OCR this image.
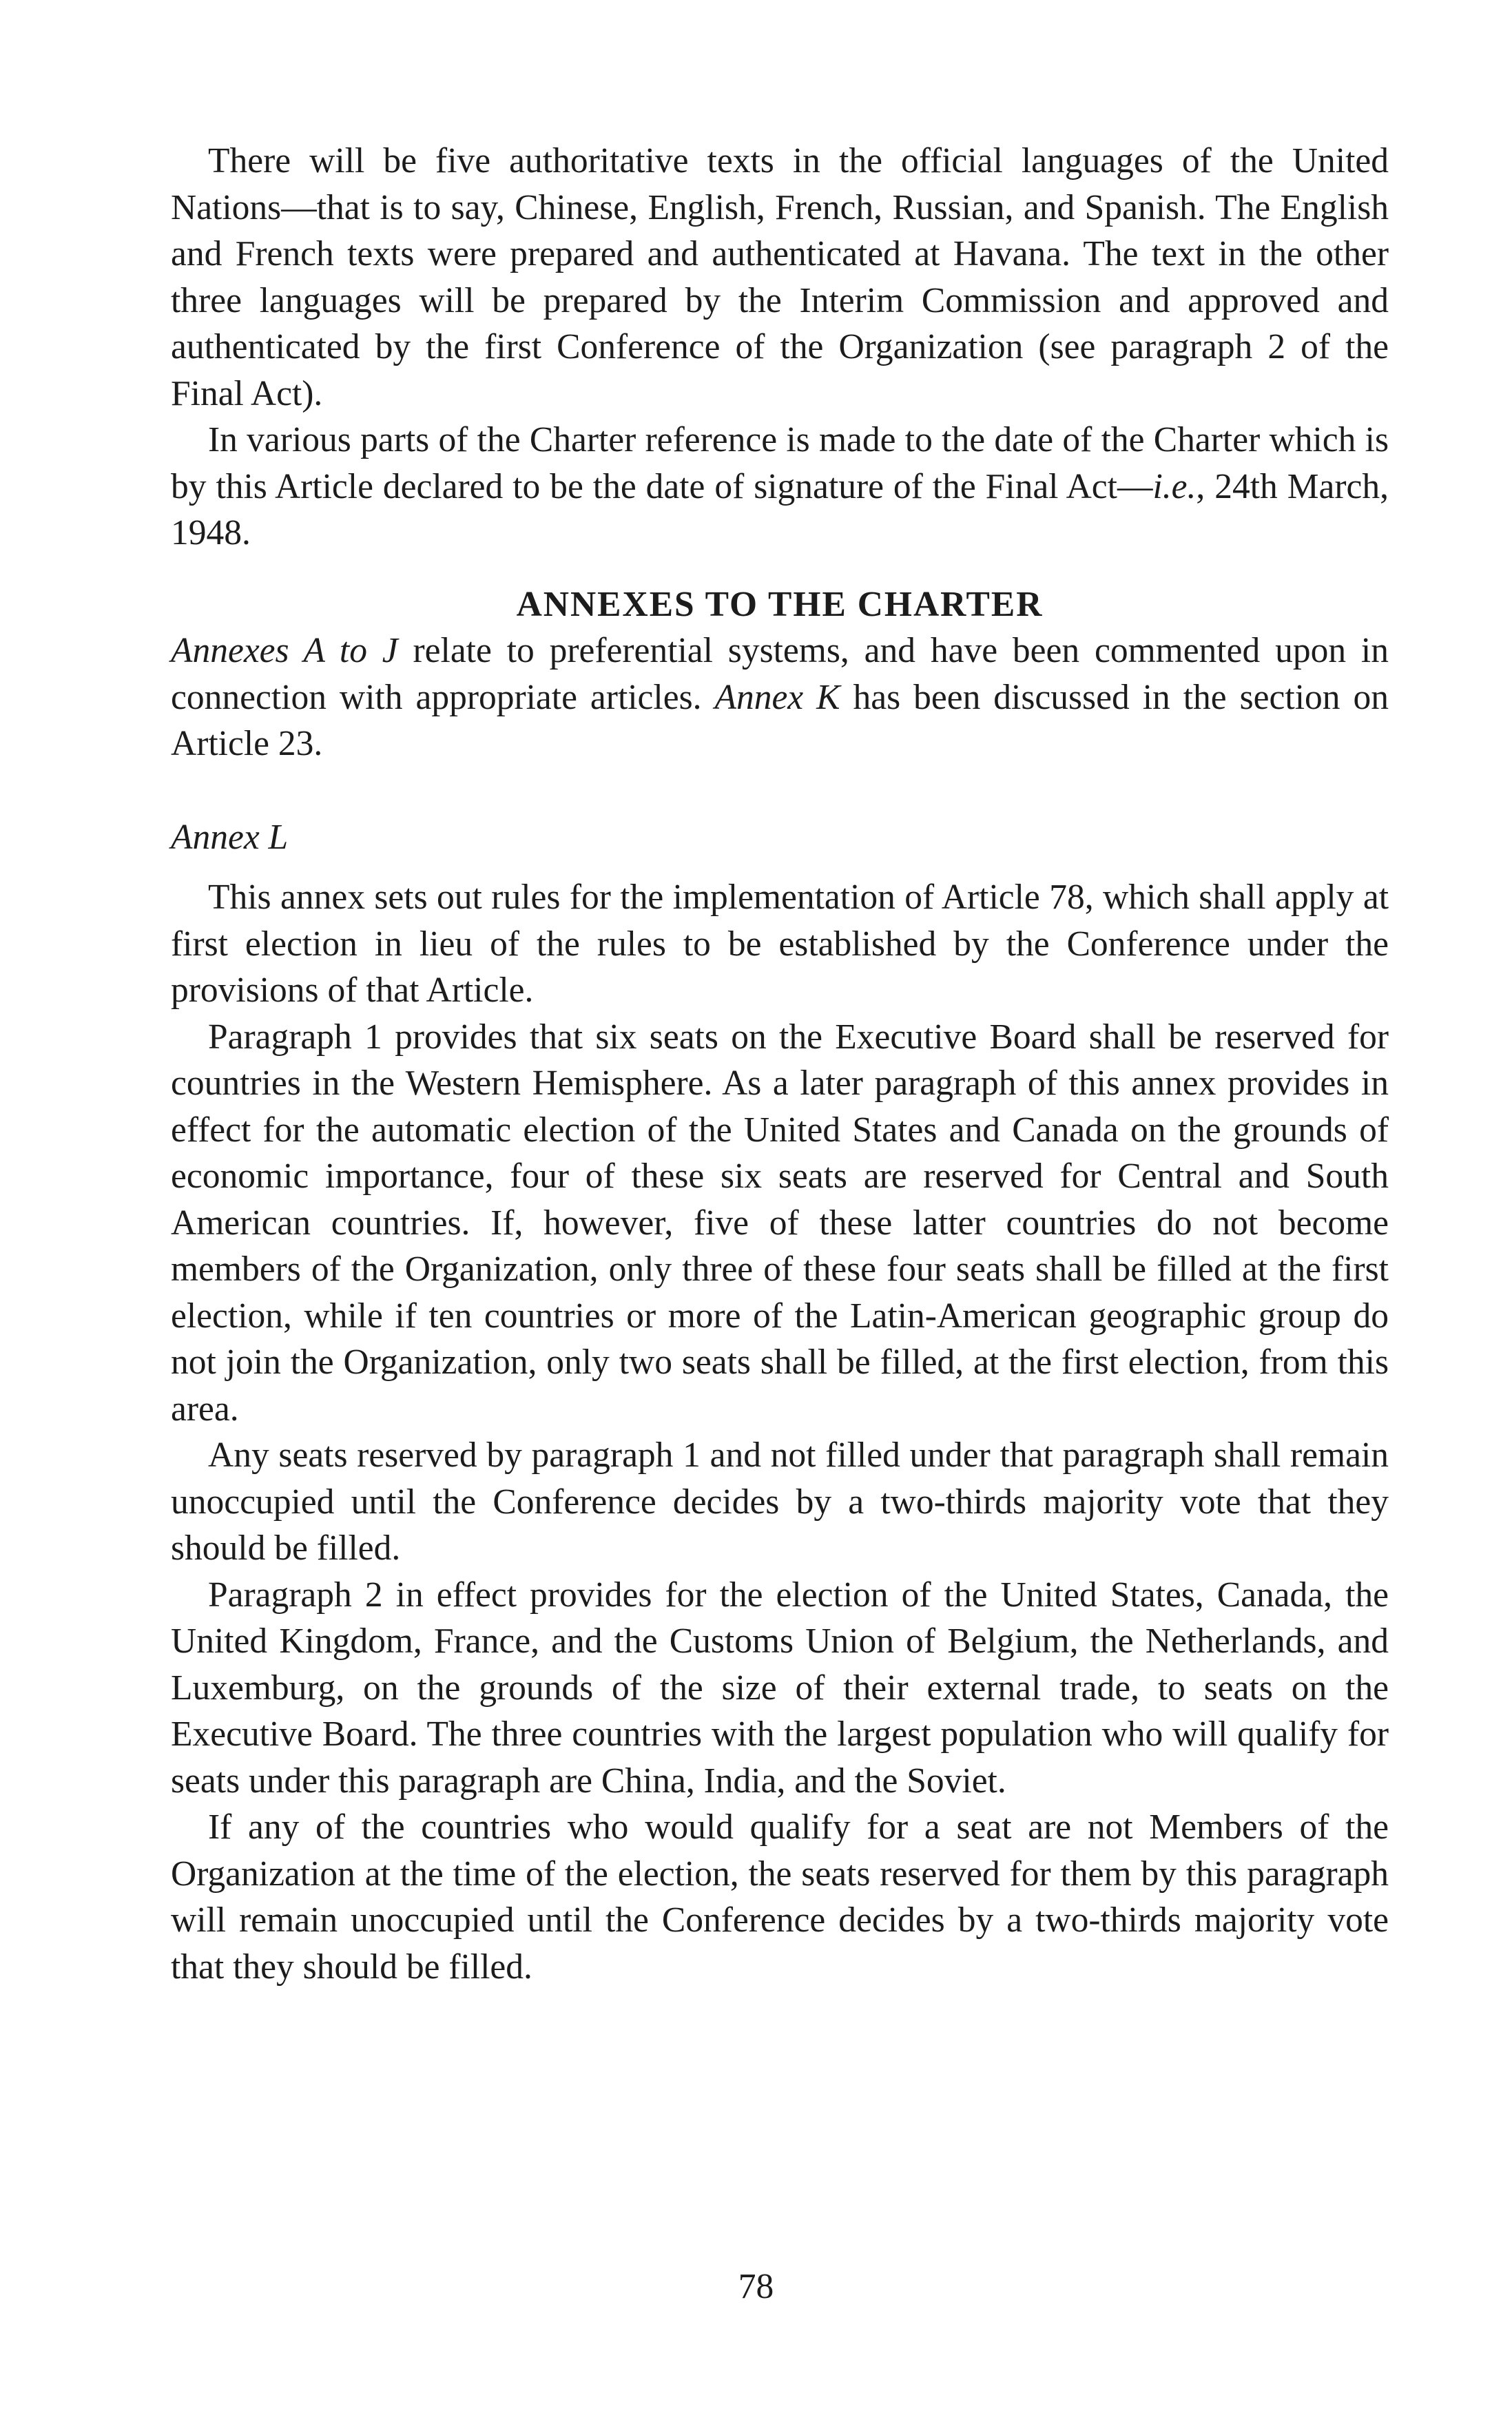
There will be five authoritative texts in the official languages of the United Nations—that is to say, Chinese, English, French, Russian, and Spanish. The English and French texts were prepared and authenticated at Havana. The text in the other three languages will be prepared by the Interim Commission and approved and authenticated by the first Conference of the Organization (see paragraph 2 of the Final Act).

In various parts of the Charter reference is made to the date of the Charter which is by this Article declared to be the date of signature of the Final Act—i.e., 24th March, 1948.

ANNEXES TO THE CHARTER

Annexes A to J relate to preferential systems, and have been commented upon in connection with appropriate articles. Annex K has been discussed in the section on Article 23.

Annex L

This annex sets out rules for the implementation of Article 78, which shall apply at first election in lieu of the rules to be established by the Conference under the provisions of that Article.

Paragraph 1 provides that six seats on the Executive Board shall be reserved for countries in the Western Hemisphere. As a later paragraph of this annex provides in effect for the automatic election of the United States and Canada on the grounds of economic importance, four of these six seats are reserved for Central and South American countries. If, however, five of these latter countries do not become members of the Organization, only three of these four seats shall be filled at the first election, while if ten countries or more of the Latin-American geographic group do not join the Organization, only two seats shall be filled, at the first election, from this area.

Any seats reserved by paragraph 1 and not filled under that paragraph shall remain unoccupied until the Conference decides by a two-thirds majority vote that they should be filled.

Paragraph 2 in effect provides for the election of the United States, Canada, the United Kingdom, France, and the Customs Union of Belgium, the Netherlands, and Luxemburg, on the grounds of the size of their external trade, to seats on the Executive Board. The three countries with the largest population who will qualify for seats under this paragraph are China, India, and the Soviet.

If any of the countries who would qualify for a seat are not Members of the Organization at the time of the election, the seats reserved for them by this paragraph will remain unoccupied until the Conference decides by a two-thirds majority vote that they should be filled.

78
